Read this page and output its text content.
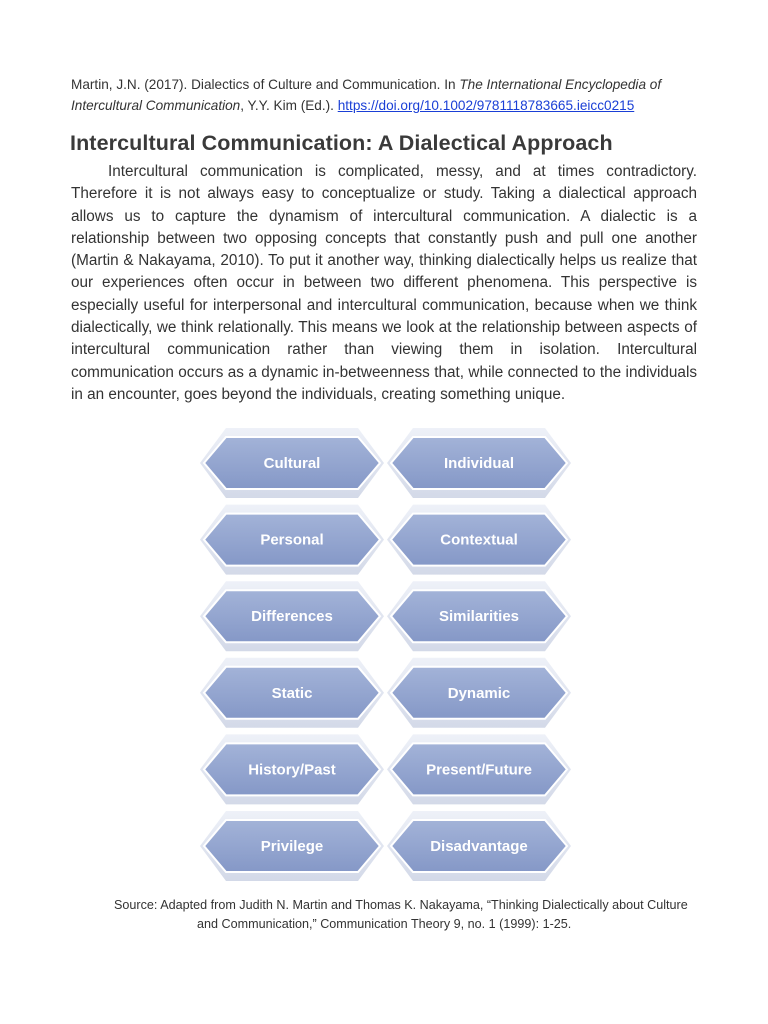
Martin, J.N. (2017). Dialectics of Culture and Communication. In The International Encyclopedia of Intercultural Communication, Y.Y. Kim (Ed.). https://doi.org/10.1002/9781118783665.ieicc0215
Intercultural Communication: A Dialectical Approach
Intercultural communication is complicated, messy, and at times contradictory. Therefore it is not always easy to conceptualize or study. Taking a dialectical approach allows us to capture the dynamism of intercultural communication. A dialectic is a relationship between two opposing concepts that constantly push and pull one another (Martin & Nakayama, 2010). To put it another way, thinking dialectically helps us realize that our experiences often occur in between two different phenomena. This perspective is especially useful for interpersonal and intercultural communication, because when we think dialectically, we think relationally. This means we look at the relationship between aspects of intercultural communication rather than viewing them in isolation. Intercultural communication occurs as a dynamic in-betweenness that, while connected to the individuals in an encounter, goes beyond the individuals, creating something unique.
Cultural	Individual
Personal	Contextual
Differences	Similarities
Static	Dynamic
History/Past	Present/Future
Privilege	Disadvantage
Source: Adapted from Judith N. Martin and Thomas K. Nakayama, “Thinking Dialectically about Culture
and Communication,” Communication Theory 9, no. 1 (1999): 1-25.
